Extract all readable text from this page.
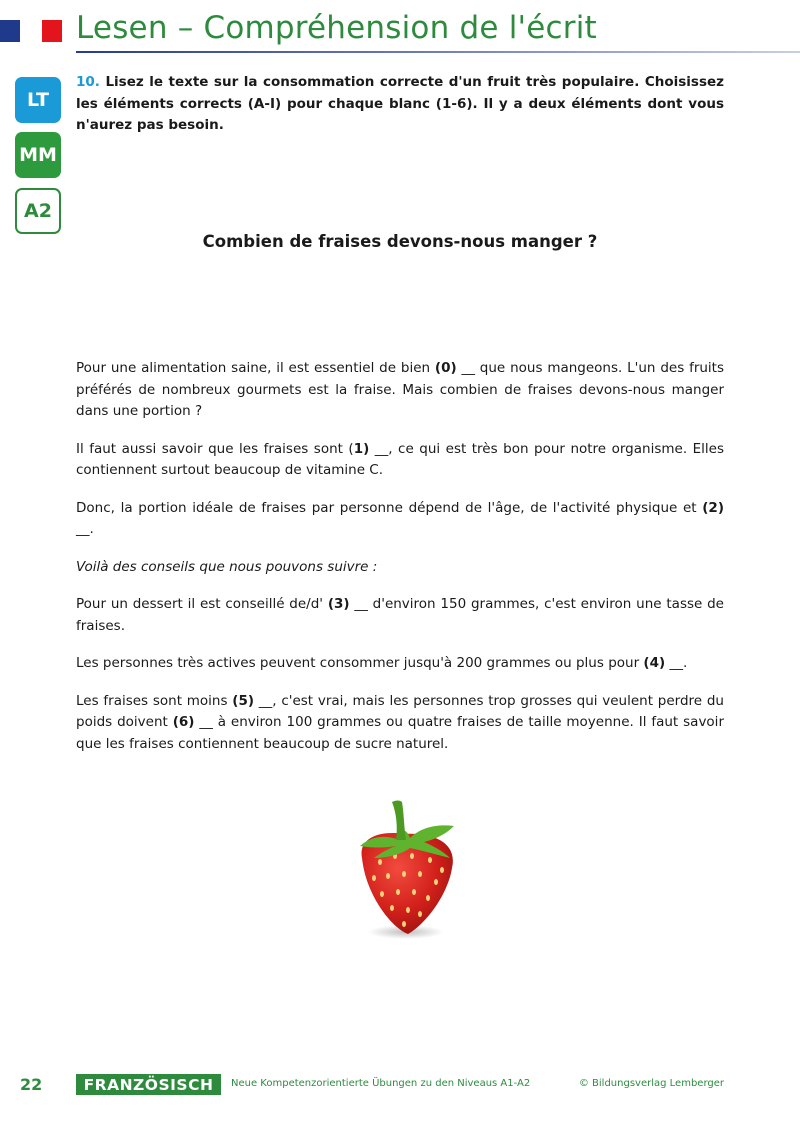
Lesen – Compréhension de l'écrit
LT
MM
A2
10. Lisez le texte sur la consommation correcte d'un fruit très populaire. Choisissez les éléments corrects (A-I) pour chaque blanc (1-6). Il y a deux éléments dont vous n'aurez pas besoin.
Combien de fraises devons-nous manger ?

Pour une alimentation saine, il est essentiel de bien (0) __ que nous mangeons. L'un des fruits préférés de nombreux gourmets est la fraise. Mais combien de fraises devons-nous manger dans une portion ?

Il faut aussi savoir que les fraises sont (1) __, ce qui est très bon pour notre organisme. Elles contiennent surtout beaucoup de vitamine C.

Donc, la portion idéale de fraises par personne dépend de l'âge, de l'activité physique et (2) __.

Voilà des conseils que nous pouvons suivre :

Pour un dessert il est conseillé de/d' (3) __ d'environ 150 grammes, c'est environ une tasse de fraises.

Les personnes très actives peuvent consommer jusqu'à 200 grammes ou plus pour (4) __.

Les fraises sont moins (5) __, c'est vrai, mais les personnes trop grosses qui veulent perdre du poids doivent (6) __ à environ 100 grammes ou quatre fraises de taille moyenne. Il faut savoir que les fraises contiennent beaucoup de sucre naturel.

22	FRANZÖSISCH	Neue Kompetenzorientierte Übungen zu den Niveaus A1-A2	© Bildungsverlag Lemberger
